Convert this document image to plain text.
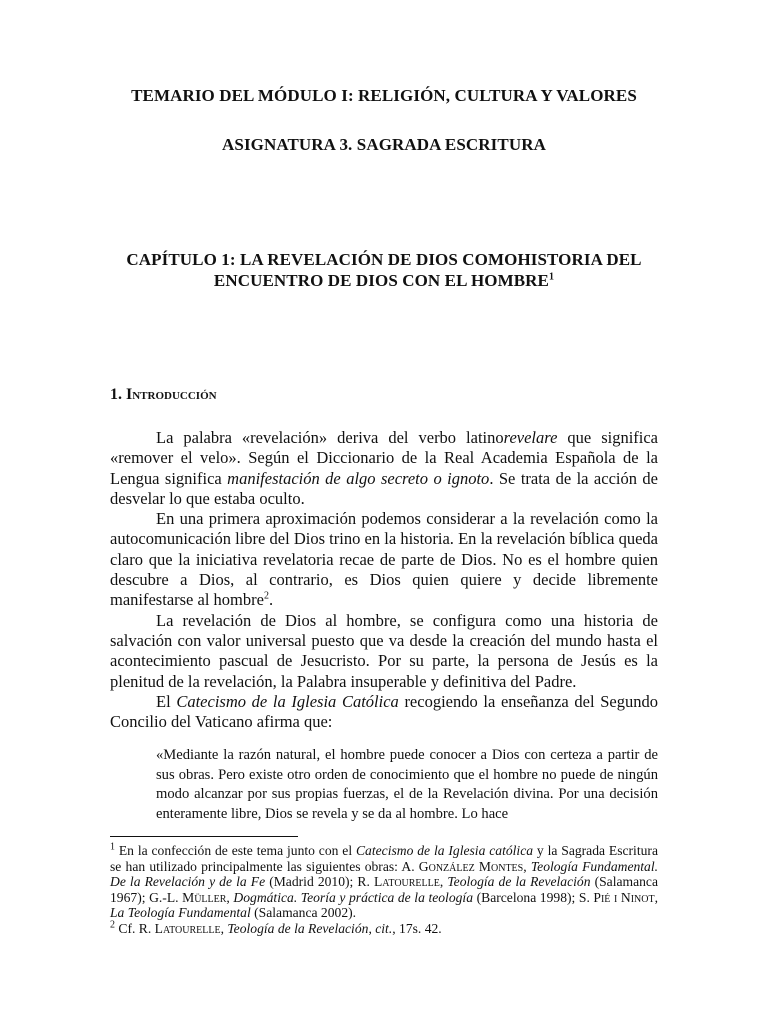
TEMARIO DEL MÓDULO I: RELIGIÓN, CULTURA Y VALORES
ASIGNATURA 3. SAGRADA ESCRITURA
CAPÍTULO 1: LA REVELACIÓN DE DIOS COMOHISTORIA DEL
ENCUENTRO DE DIOS CON EL HOMBRE$^1$
1. Introducción

La palabra «revelación» deriva del verbo latinorevelare que significa «remover el velo». Según el Diccionario de la Real Academia Española de la Lengua significa manifestación de algo secreto o ignoto. Se trata de la acción de desvelar lo que estaba oculto.

En una primera aproximación podemos considerar a la revelación como la autocomunicación libre del Dios trino en la historia. En la revelación bíblica queda claro que la iniciativa revelatoria recae de parte de Dios. No es el hombre quien descubre a Dios, al contrario, es Dios quien quiere y decide libremente manifestarse al hombre$^2$.

La revelación de Dios al hombre, se configura como una historia de salvación con valor universal puesto que va desde la creación del mundo hasta el acontecimiento pascual de Jesucristo. Por su parte, la persona de Jesús es la plenitud de la revelación, la Palabra insuperable y definitiva del Padre.

El Catecismo de la Iglesia Católica recogiendo la enseñanza del Segundo Concilio del Vaticano afirma que:

«Mediante la razón natural, el hombre puede conocer a Dios con certeza a partir de sus obras. Pero existe otro orden de conocimiento que el hombre no puede de ningún modo alcanzar por sus propias fuerzas, el de la Revelación divina. Por una decisión enteramente libre, Dios se revela y se da al hombre. Lo hace

$^1$ En la confección de este tema junto con el Catecismo de la Iglesia católica y la Sagrada Escritura se han utilizado principalmente las siguientes obras: A. González Montes, Teología Fundamental. De la Revelación y de la Fe (Madrid 2010); R. Latourelle, Teología de la Revelación (Salamanca 1967); G.-L. Müller, Dogmática. Teoría y práctica de la teología (Barcelona 1998); S. Pié i Ninot, La Teología Fundamental (Salamanca 2002).

$^2$ Cf. R. Latourelle, Teología de la Revelación, cit., 17s. 42.
